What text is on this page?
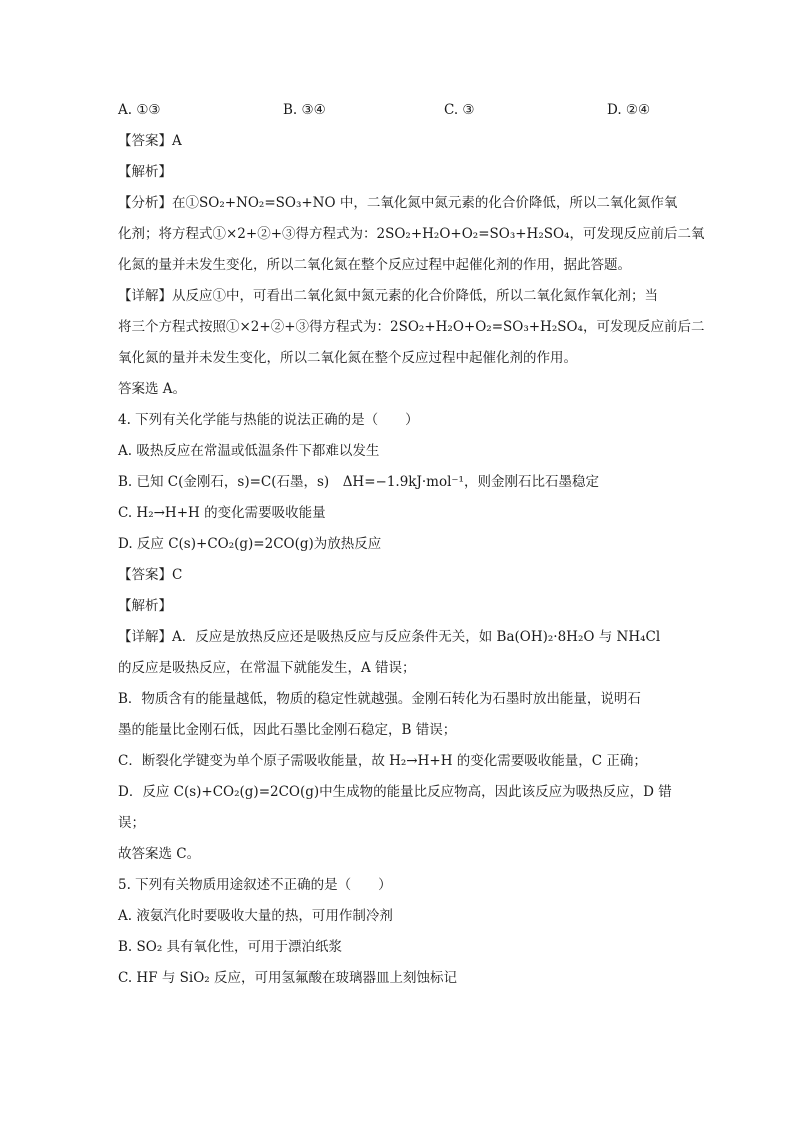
A. ①③	B. ③④	C. ③	D. ②④
【答案】A
【解析】
【分析】在①SO₂+NO₂=SO₃+NO 中，二氧化氮中氮元素的化合价降低，所以二氧化氮作氧
化剂；将方程式①×2+②+③得方程式为：2SO₂+H₂O+O₂=SO₃+H₂SO₄，可发现反应前后二氧
化氮的量并未发生变化，所以二氧化氮在整个反应过程中起催化剂的作用，据此答题。
【详解】从反应①中，可看出二氧化氮中氮元素的化合价降低，所以二氧化氮作氧化剂；当
将三个方程式按照①×2+②+③得方程式为：2SO₂+H₂O+O₂=SO₃+H₂SO₄，可发现反应前后二
氧化氮的量并未发生变化，所以二氧化氮在整个反应过程中起催化剂的作用。
答案选 A。
4. 下列有关化学能与热能的说法正确的是（　　）
A. 吸热反应在常温或低温条件下都难以发生
B. 已知 C(金刚石，s)=C(石墨，s)　ΔH=−1.9kJ·mol⁻¹，则金刚石比石墨稳定
C. H₂→H+H 的变化需要吸收能量
D. 反应 C(s)+CO₂(g)=2CO(g)为放热反应
【答案】C
【解析】
【详解】A．反应是放热反应还是吸热反应与反应条件无关，如 Ba(OH)₂·8H₂O 与 NH₄Cl
的反应是吸热反应，在常温下就能发生，A 错误；
B．物质含有的能量越低，物质的稳定性就越强。金刚石转化为石墨时放出能量，说明石
墨的能量比金刚石低，因此石墨比金刚石稳定，B 错误；
C．断裂化学键变为单个原子需吸收能量，故 H₂→H+H 的变化需要吸收能量，C 正确；
D．反应 C(s)+CO₂(g)=2CO(g)中生成物的能量比反应物高，因此该反应为吸热反应，D 错
误；
故答案选 C。
5. 下列有关物质用途叙述不正确的是（　　）
A. 液氨汽化时要吸收大量的热，可用作制冷剂
B. SO₂ 具有氧化性，可用于漂泊纸浆
C. HF 与 SiO₂ 反应，可用氢氟酸在玻璃器皿上刻蚀标记
